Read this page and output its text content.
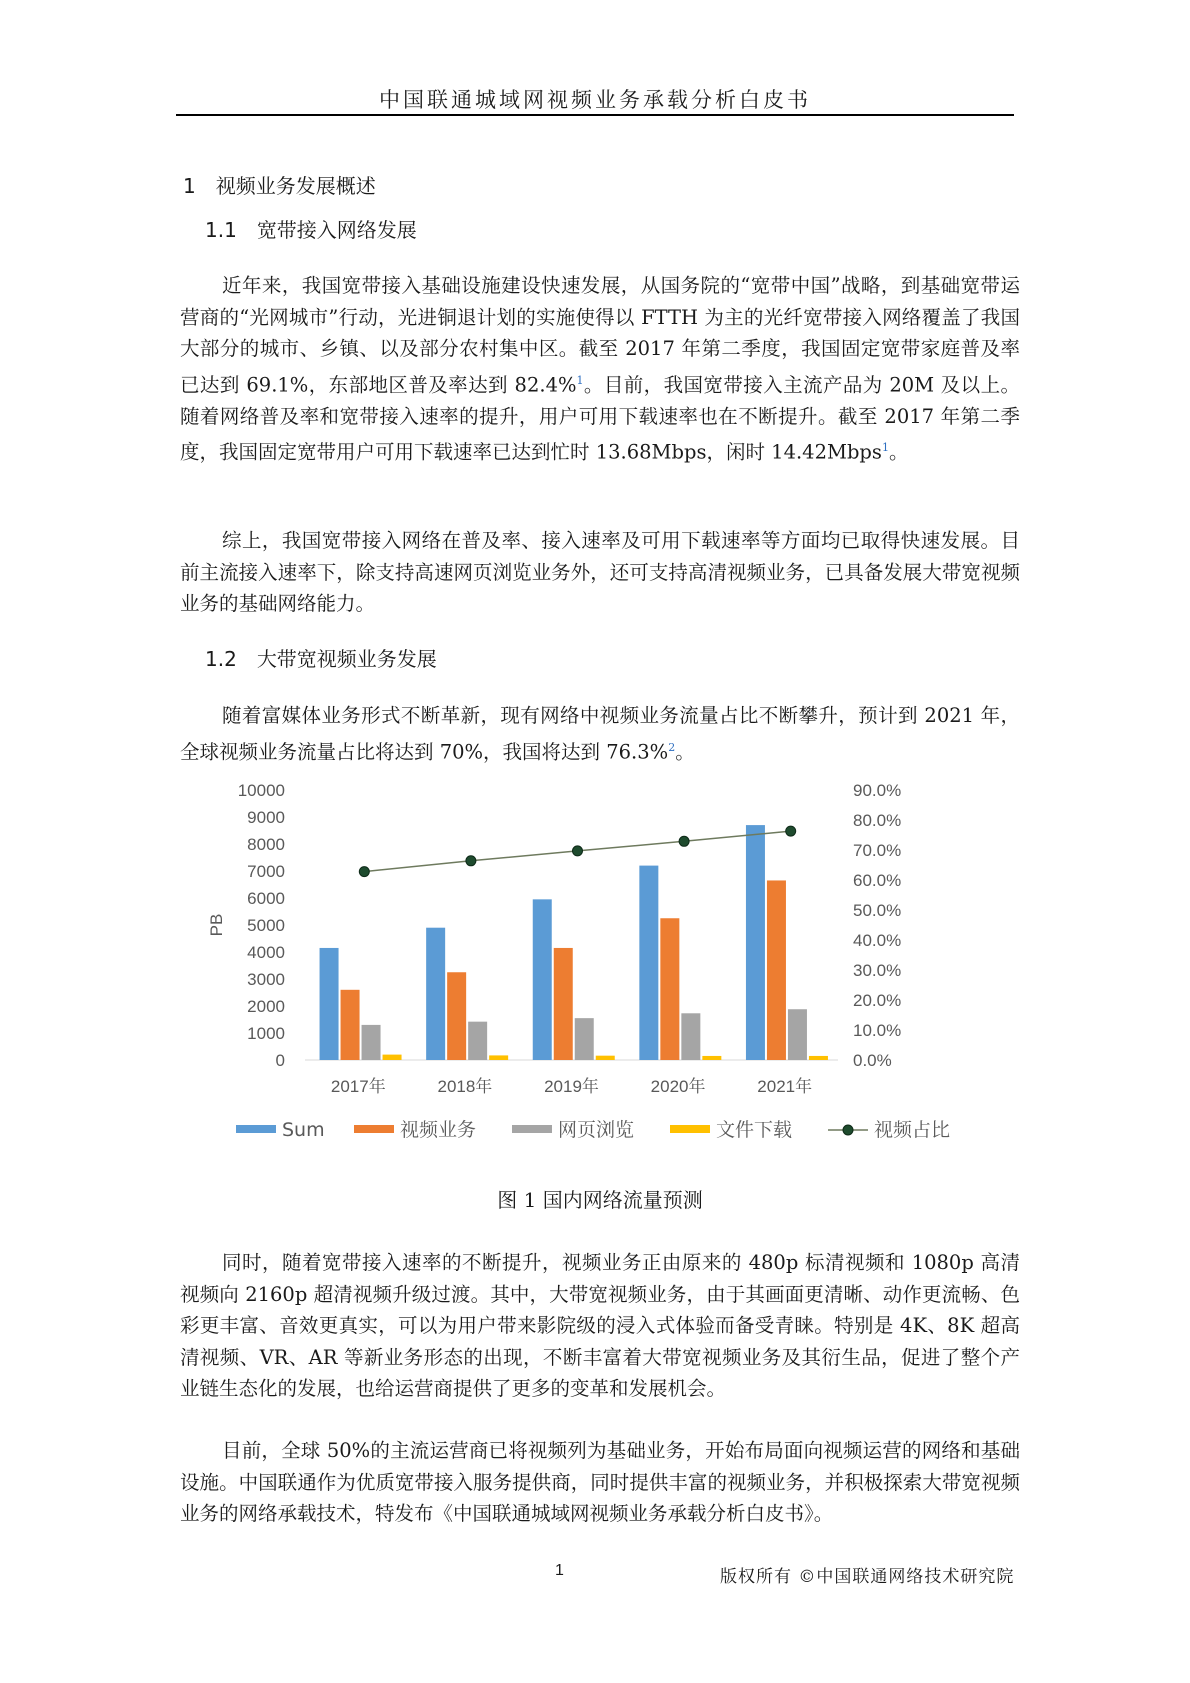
中国联通城域网视频业务承载分析白皮书
1 视频业务发展概述
1.1 宽带接入网络发展
近年来，我国宽带接入基础设施建设快速发展，从国务院的“宽带中国”战略，到基础宽带运营商的“光网城市”行动，光进铜退计划的实施使得以 FTTH 为主的光纤宽带接入网络覆盖了我国大部分的城市、乡镇、以及部分农村集中区。截至 2017 年第二季度，我国固定宽带家庭普及率已达到 69.1%，东部地区普及率达到 82.4%$^1$。目前，我国宽带接入主流产品为 20M 及以上。随着网络普及率和宽带接入速率的提升，用户可用下载速率也在不断提升。截至 2017 年第二季度，我国固定宽带用户可用下载速率已达到忙时 13.68Mbps，闲时 14.42Mbps$^1$。
综上，我国宽带接入网络在普及率、接入速率及可用下载速率等方面均已取得快速发展。目前主流接入速率下，除支持高速网页浏览业务外，还可支持高清视频业务，已具备发展大带宽视频业务的基础网络能力。
1.2 大带宽视频业务发展
随着富媒体业务形式不断革新，现有网络中视频业务流量占比不断攀升，预计到 2021 年，全球视频业务流量占比将达到 70%，我国将达到 76.3%$^2$。
10000
9000
8000
7000
6000
5000
4000
3000
2000
1000
0
90.0%
80.0%
70.0%
60.0%
50.0%
40.0%
30.0%
20.0%
10.0%
0.0%
PB
2017年	2018年	2019年	2020年	2021年
Sum	视频业务	网页浏览	文件下载	视频占比
图 1 国内网络流量预测
同时，随着宽带接入速率的不断提升，视频业务正由原来的 480p 标清视频和 1080p 高清视频向 2160p 超清视频升级过渡。其中，大带宽视频业务，由于其画面更清晰、动作更流畅、色彩更丰富、音效更真实，可以为用户带来影院级的浸入式体验而备受青睐。特别是 4K、8K 超高清视频、VR、AR 等新业务形态的出现，不断丰富着大带宽视频业务及其衍生品，促进了整个产业链生态化的发展，也给运营商提供了更多的变革和发展机会。
目前，全球 50%的主流运营商已将视频列为基础业务，开始布局面向视频运营的网络和基础设施。中国联通作为优质宽带接入服务提供商，同时提供丰富的视频业务，并积极探索大带宽视频业务的网络承载技术，特发布《中国联通城域网视频业务承载分析白皮书》。
1	版权所有 ©中国联通网络技术研究院
